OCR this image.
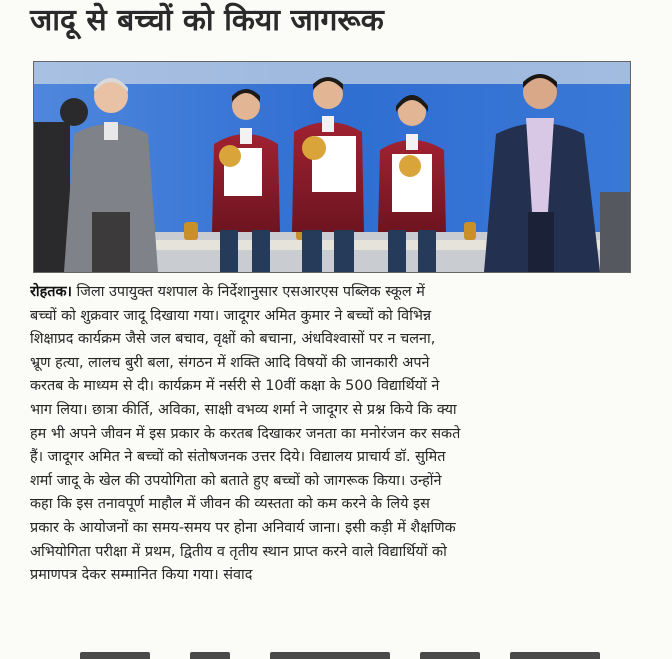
जादू से बच्चों को किया जागरूक
रोहतक। जिला उपायुक्त यशपाल के निर्देशानुसार एसआरएस पब्लिक स्कूल में
बच्चों को शुक्रवार जादू दिखाया गया। जादूगर अमित कुमार ने बच्चों को विभिन्न
शिक्षाप्रद कार्यक्रम जैसे जल बचाव, वृक्षों को बचाना, अंधविश्वासों पर न चलना,
भ्रूण हत्या, लालच बुरी बला, संगठन में शक्ति आदि विषयों की जानकारी अपने
करतब के माध्यम से दी। कार्यक्रम में नर्सरी से 10वीं कक्षा के 500 विद्यार्थियों ने
भाग लिया। छात्रा कीर्ति, अविका, साक्षी वभव्य शर्मा ने जादूगर से प्रश्न किये कि क्या
हम भी अपने जीवन में इस प्रकार के करतब दिखाकर जनता का मनोरंजन कर सकते
हैं। जादूगर अमित ने बच्चों को संतोषजनक उत्तर दिये। विद्यालय प्राचार्य डॉ. सुमित
शर्मा जादू के खेल की उपयोगिता को बताते हुए बच्चों को जागरूक किया। उन्होंने
कहा कि इस तनावपूर्ण माहौल में जीवन की व्यस्तता को कम करने के लिये इस
प्रकार के आयोजनों का समय-समय पर होना अनिवार्य जाना। इसी कड़ी में शैक्षणिक
अभियोगिता परीक्षा में प्रथम, द्वितीय व तृतीय स्थान प्राप्त करने वाले विद्यार्थियों को
प्रमाणपत्र देकर सम्मानित किया गया। संवाद
